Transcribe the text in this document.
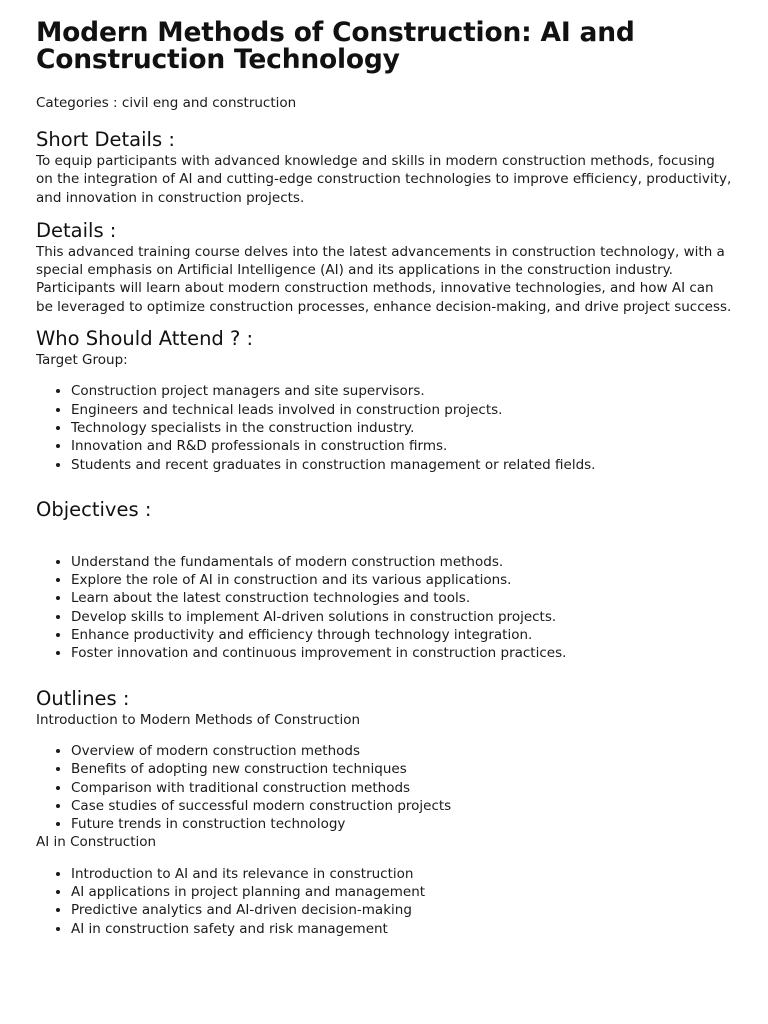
Modern Methods of Construction: AI and Construction Technology

Categories : civil eng and construction

Short Details :

To equip participants with advanced knowledge and skills in modern construction methods, focusing on the integration of AI and cutting-edge construction technologies to improve efficiency, productivity, and innovation in construction projects.

Details :

This advanced training course delves into the latest advancements in construction technology, with a special emphasis on Artificial Intelligence (AI) and its applications in the construction industry. Participants will learn about modern construction methods, innovative technologies, and how AI can be leveraged to optimize construction processes, enhance decision-making, and drive project success.

Who Should Attend ? :

Target Group:

• Construction project managers and site supervisors.
• Engineers and technical leads involved in construction projects.
• Technology specialists in the construction industry.
• Innovation and R&D professionals in construction firms.
• Students and recent graduates in construction management or related fields.
Objectives :
• Understand the fundamentals of modern construction methods.
• Explore the role of AI in construction and its various applications.
• Learn about the latest construction technologies and tools.
• Develop skills to implement AI-driven solutions in construction projects.
• Enhance productivity and efficiency through technology integration.
• Foster innovation and continuous improvement in construction practices.
Outlines :

Introduction to Modern Methods of Construction

• Overview of modern construction methods
• Benefits of adopting new construction techniques
• Comparison with traditional construction methods
• Case studies of successful modern construction projects
• Future trends in construction technology

AI in Construction

• Introduction to AI and its relevance in construction
• AI applications in project planning and management
• Predictive analytics and AI-driven decision-making
• AI in construction safety and risk management
